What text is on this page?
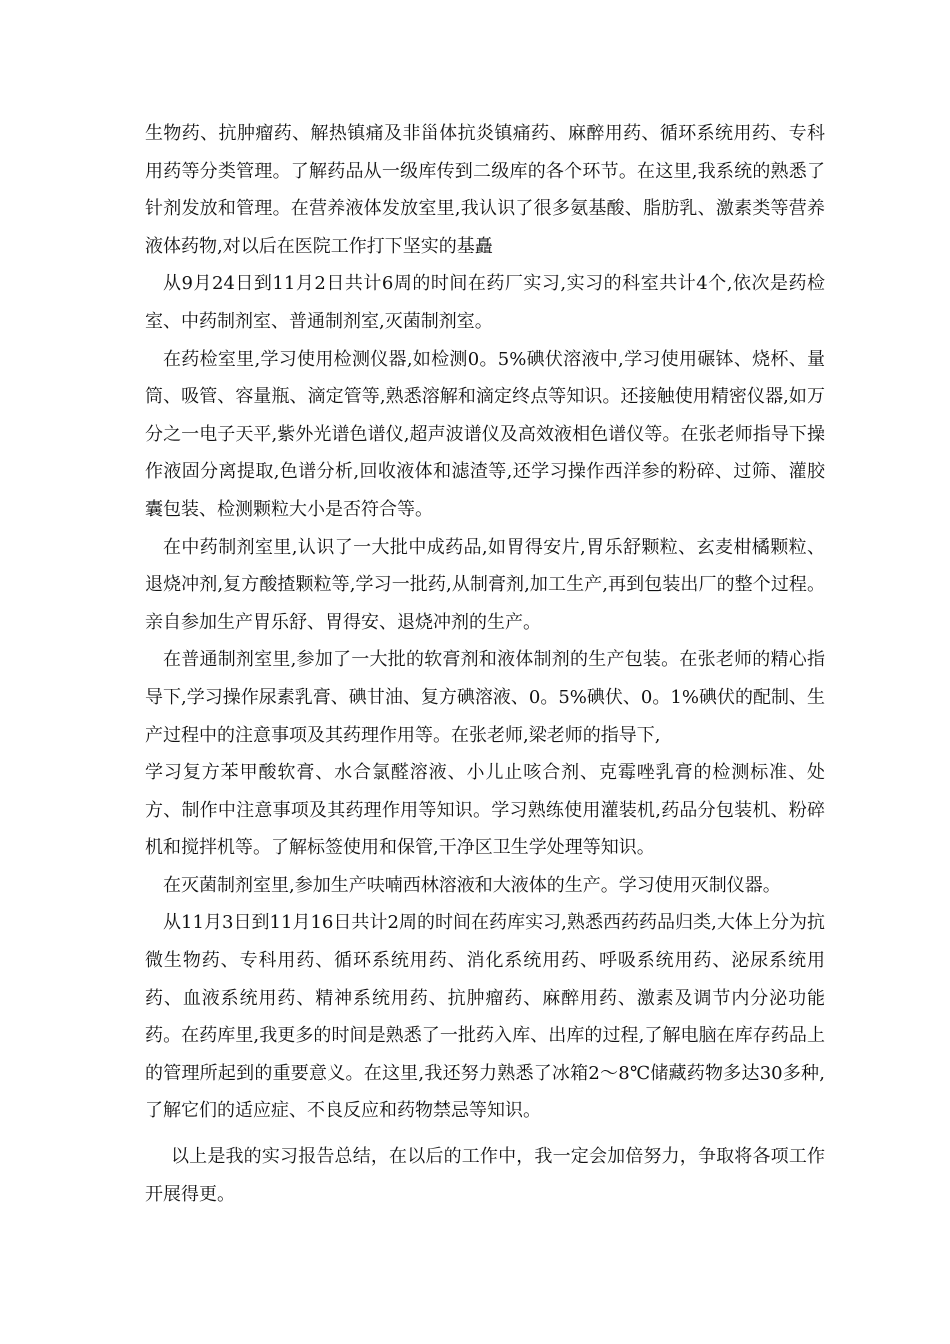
生物药、抗肿瘤药、解热镇痛及非甾体抗炎镇痛药、麻醉用药、循环系统用药、专科用药等分类管理。了解药品从一级库传到二级库的各个环节。在这里,我系统的熟悉了针剂发放和管理。在营养液体发放室里,我认识了很多氨基酸、脂肪乳、激素类等营养液体药物,对以后在医院工作打下坚实的基矗

从9月24日到11月2日共计6周的时间在药厂实习,实习的科室共计4个,依次是药检室、中药制剂室、普通制剂室,灭菌制剂室。

在药检室里,学习使用检测仪器,如检测0。5%碘伏溶液中,学习使用碾钵、烧杯、量筒、吸管、容量瓶、滴定管等,熟悉溶解和滴定终点等知识。还接触使用精密仪器,如万分之一电子天平,紫外光谱色谱仪,超声波谱仪及高效液相色谱仪等。在张老师指导下操作液固分离提取,色谱分析,回收液体和滤渣等,还学习操作西洋参的粉碎、过筛、灌胶囊包装、检测颗粒大小是否符合等。

在中药制剂室里,认识了一大批中成药品,如胃得安片,胃乐舒颗粒、玄麦柑橘颗粒、退烧冲剂,复方酸揸颗粒等,学习一批药,从制膏剂,加工生产,再到包装出厂的整个过程。亲自参加生产胃乐舒、胃得安、退烧冲剂的生产。

在普通制剂室里,参加了一大批的软膏剂和液体制剂的生产包装。在张老师的精心指导下,学习操作尿素乳膏、碘甘油、复方碘溶液、0。5%碘伏、0。1%碘伏的配制、生产过程中的注意事项及其药理作用等。在张老师,梁老师的指导下,

学习复方苯甲酸软膏、水合氯醛溶液、小儿止咳合剂、克霉唑乳膏的检测标准、处方、制作中注意事项及其药理作用等知识。学习熟练使用灌装机,药品分包装机、粉碎机和搅拌机等。了解标签使用和保管,干净区卫生学处理等知识。

在灭菌制剂室里,参加生产呋喃西林溶液和大液体的生产。学习使用灭制仪器。

从11月3日到11月16日共计2周的时间在药库实习,熟悉西药药品归类,大体上分为抗微生物药、专科用药、循环系统用药、消化系统用药、呼吸系统用药、泌尿系统用药、血液系统用药、精神系统用药、抗肿瘤药、麻醉用药、激素及调节内分泌功能药。在药库里,我更多的时间是熟悉了一批药入库、出库的过程,了解电脑在库存药品上的管理所起到的重要意义。在这里,我还努力熟悉了冰箱2～8℃储藏药物多达30多种,了解它们的适应症、不良反应和药物禁忌等知识。

以上是我的实习报告总结，在以后的工作中，我一定会加倍努力，争取将各项工作开展得更。
